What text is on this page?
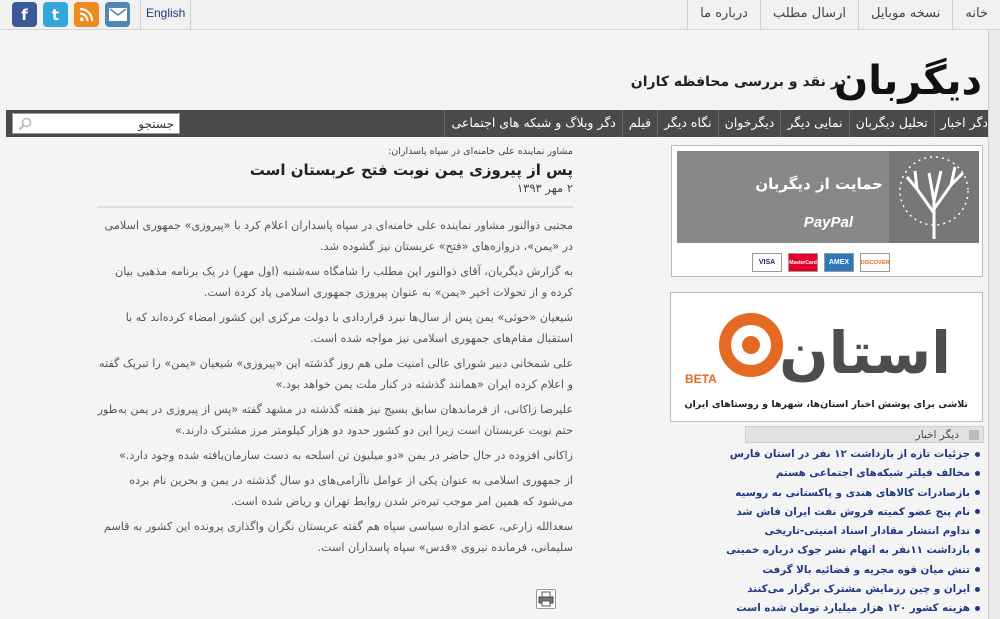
f	t	English	خانه
نسخه موبایل
ارسال مطلب
درباره ما
دیگربان
در نقد و بررسی محافظه کاران
دگر اخبار
تحلیل دیگربان
نمایی دیگر
دیگرخوان
نگاه دیگر
فیلم
دگر وبلاگ و شبکه های اجتماعی
جستجو
مشاور نماینده علی خامنه‌ای در سپاه پاسداران:
پس از پیروزی یمن نوبت فتح عربستان است
۲ مهر ۱۳۹۳

مجتبی ذوالنور مشاور نماینده علی خامنه‌ای در سپاه پاسداران اعلام کرد با «پیروزی» جمهوری اسلامی در «یمن»، دروازه‌های «فتح» عربستان نیز گشوده شد.

به گزارش دیگربان، آقای ذوالنور این مطلب را شامگاه سه‌شنبه (اول مهر) در یک برنامه مذهبی بیان کرده و از تحولات اخیر «یمن» به عنوان پیروزی جمهوری اسلامی یاد کرده است.

شیعیان «حوثی» یمن پس از سال‌ها نبرد قراردادی با دولت مرکزی این کشور امضاء کرده‌اند که با استقبال مقام‌های جمهوری اسلامی نیز مواجه شده است.

علی شمخانی دبیر شورای عالی امنیت ملی هم روز گذشته این «پیروزی» شیعیان «یمن» را تبریک گفته و اعلام کرده ایران «همانند گذشته در کنار ملت یمن خواهد بود.»

علیرضا زاکانی، از فرماندهان سابق بسیج نیز هفته گذشته در مشهد گفته «پس از پیروزی در یمن به‌طور حتم نوبت عربستان است زیرا این دو کشور حدود دو هزار کیلومتر مرز مشترک دارند.»

زاکانی افزوده در حال حاضر در یمن «دو میلیون تن اسلحه به دست سازمان‌یافته شده وجود دارد.»

از جمهوری اسلامی به عنوان یکی از عوامل ناآرامی‌های دو سال گذشته در یمن و بحرین نام برده می‌شود که همین امر موجب تیره‌تر شدن روابط تهران و ریاض شده است.

سعدالله زارعی، عضو اداره سیاسی سپاه هم گفته عربستان نگران واگذاری پرونده این کشور به قاسم سلیمانی، فرمانده نیروی «قدس» سپاه پاسداران است.

حمایت از دیگربان
PayPal
VISA	MasterCard	AMEX	DISCOVER
استان
BETA
تلاشی برای پوشش اخبار استان‌ها، شهرها و روستاهای ایران
دیگر اخبار
جزئیات تازه از بازداشت ۱۲ نفر در استان فارس
مخالف فیلتر شبکه‌های اجتماعی هستم
بازصادرات کالاهای هندی و پاکستانی به روسیه
نام پنج عضو کمیته فروش نفت ایران فاش شد
تداوم انتشار مقادار اسناد امنیتی-تاریخی
بازداشت ۱۱نفر به اتهام نشر جوک درباره خمینی
تنش میان قوه مجریه و قضائیه بالا گرفت
ایران و چین رزمایش مشترک برگزار می‌کنند
هزینه کشور ۱۲۰ هزار میلیارد تومان شده است
